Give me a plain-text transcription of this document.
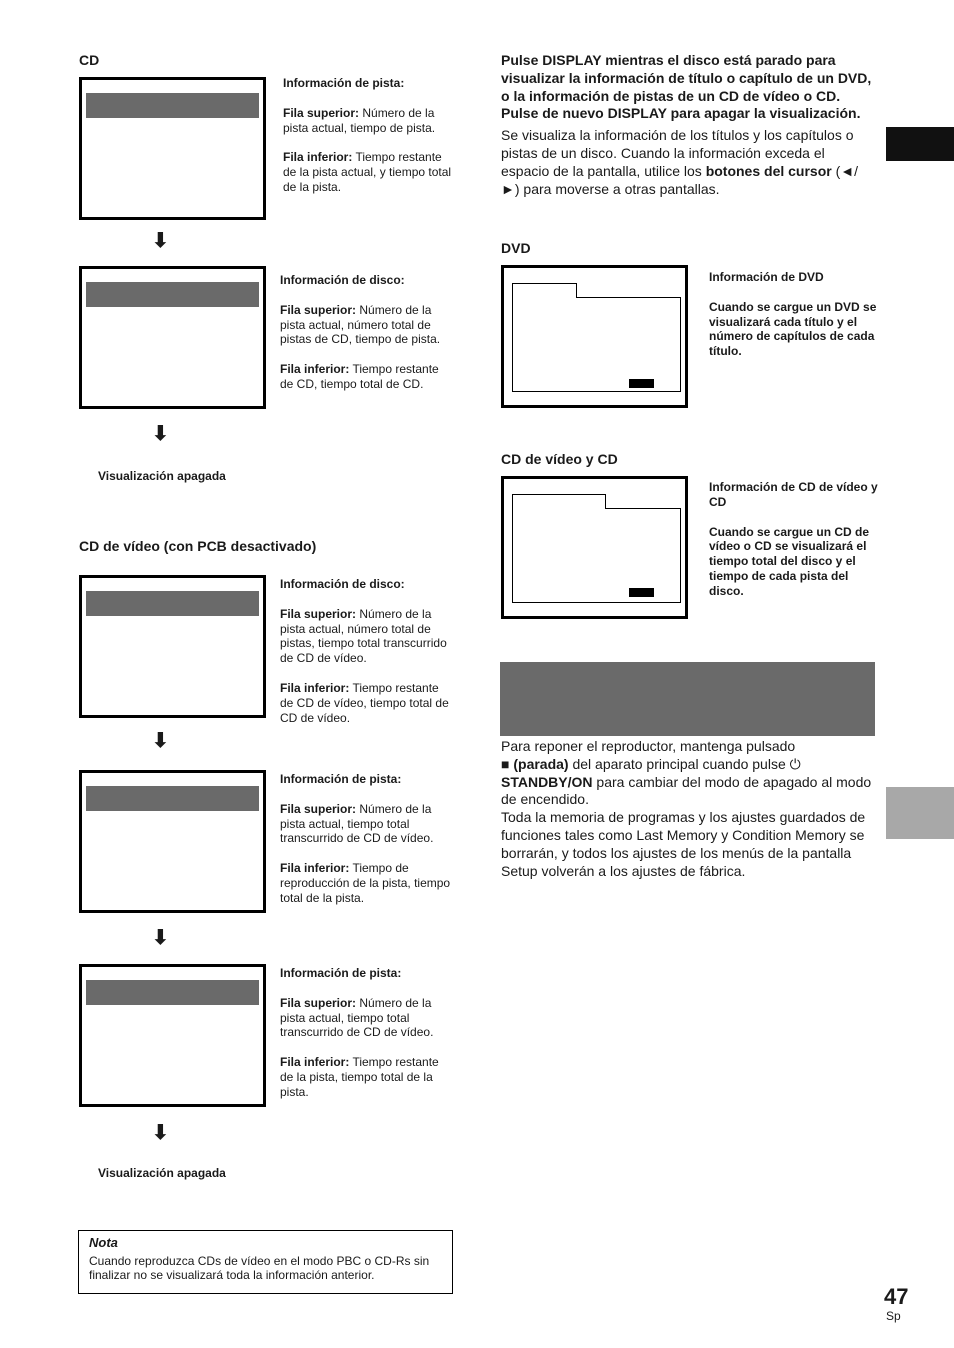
CD

Información de pista:

Fila superior: Número de la pista actual, tiempo de pista.

Fila inferior: Tiempo restante de la pista actual, y tiempo total de la pista.

⬇

Información de disco:

Fila superior: Número de la pista actual, número total de pistas de CD, tiempo de pista.

Fila inferior: Tiempo restante de CD, tiempo total de CD.

⬇
Visualización apagada
CD de vídeo (con PCB desactivado)

Información de disco:

Fila superior: Número de la pista actual, número total de pistas, tiempo total transcurrido de CD de vídeo.

Fila inferior: Tiempo restante de CD de vídeo, tiempo total de CD de vídeo.

⬇

Información de pista:

Fila superior: Número de la pista actual, tiempo total transcurrido de CD de vídeo.

Fila inferior: Tiempo de reproducción de la pista, tiempo total de la pista.

⬇

Información de pista:

Fila superior: Número de la pista actual, tiempo total transcurrido de CD de vídeo.

Fila inferior: Tiempo restante de la pista, tiempo total de la pista.

⬇
Visualización apagada
Nota
Cuando reproduzca CDs de vídeo en el modo PBC o CD-Rs sin finalizar no se visualizará toda la información anterior.

Pulse DISPLAY mientras el disco está parado para visualizar la información de título o capítulo de un DVD, o la información de pistas de un CD de vídeo o CD. Pulse de nuevo DISPLAY para apagar la visualización.

Se visualiza la información de los títulos y los capítulos o pistas de un disco. Cuando la información exceda el espacio de la pantalla, utilice los botones del cursor (◄/►) para moverse a otras pantallas.

DVD

Información de DVD

Cuando se cargue un DVD se visualizará cada título y el número de capítulos de cada título.

CD de vídeo y CD

Información de CD de vídeo y CD

Cuando se cargue un CD de vídeo o CD se visualizará el tiempo total del disco y el tiempo de cada pista del disco.

Para reponer el reproductor, mantenga pulsado
■ (parada) del aparato principal cuando pulse ⏻
STANDBY/ON para cambiar del modo de apagado al modo de encendido.

Toda la memoria de programas y los ajustes guardados de funciones tales como Last Memory y Condition Memory se borrarán, y todos los ajustes de los menús de la pantalla Setup volverán a los ajustes de fábrica.

47
Sp
